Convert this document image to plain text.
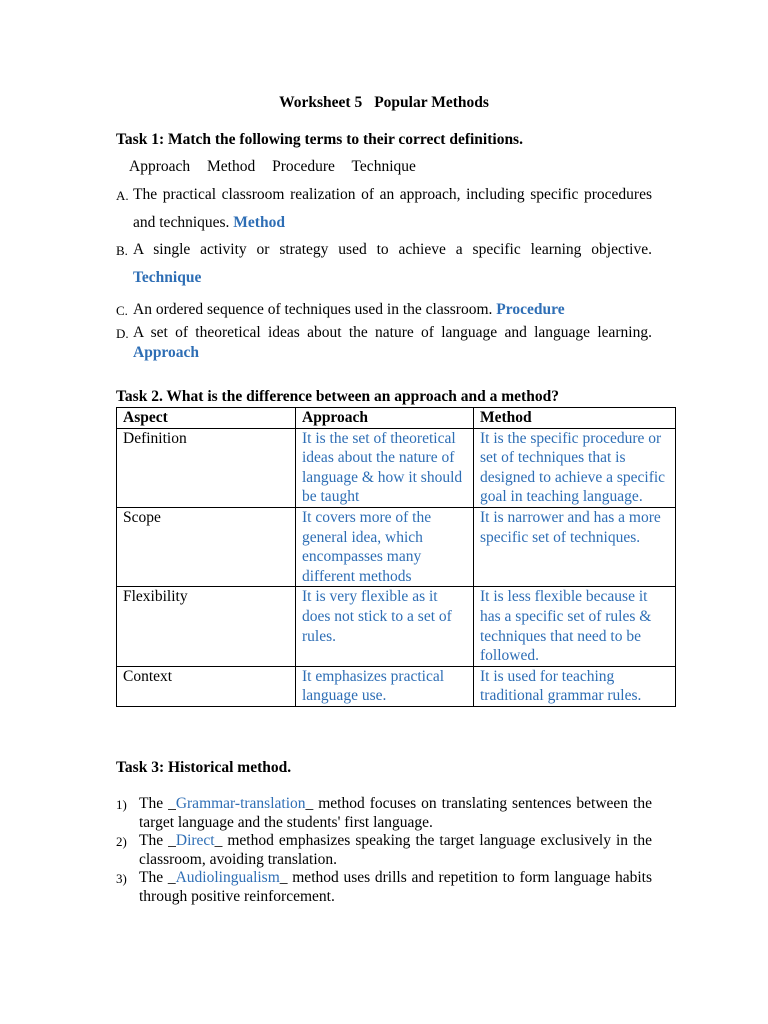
Worksheet 5 Popular Methods
Task 1: Match the following terms to their correct definitions.
Approach Method Procedure Technique
A. The practical classroom realization of an approach, including specific procedures and techniques. Method
B. A single activity or strategy used to achieve a specific learning objective. Technique
C. An ordered sequence of techniques used in the classroom. Procedure
D. A set of theoretical ideas about the nature of language and language learning. Approach
Task 2. What is the difference between an approach and a method?
Aspect	Approach	Method
Definition	It is the set of theoretical ideas about the nature of language & how it should be taught	It is the specific procedure or set of techniques that is designed to achieve a specific goal in teaching language.
Scope	It covers more of the general idea, which encompasses many different methods	It is narrower and has a more specific set of techniques.
Flexibility	It is very flexible as it does not stick to a set of rules.	It is less flexible because it has a specific set of rules & techniques that need to be followed.
Context	It emphasizes practical language use.	It is used for teaching traditional grammar rules.
Task 3: Historical method.
1) The _Grammar-translation_ method focuses on translating sentences between the target language and the students' first language.
2) The _Direct_ method emphasizes speaking the target language exclusively in the classroom, avoiding translation.
3) The _Audiolingualism_ method uses drills and repetition to form language habits through positive reinforcement.
